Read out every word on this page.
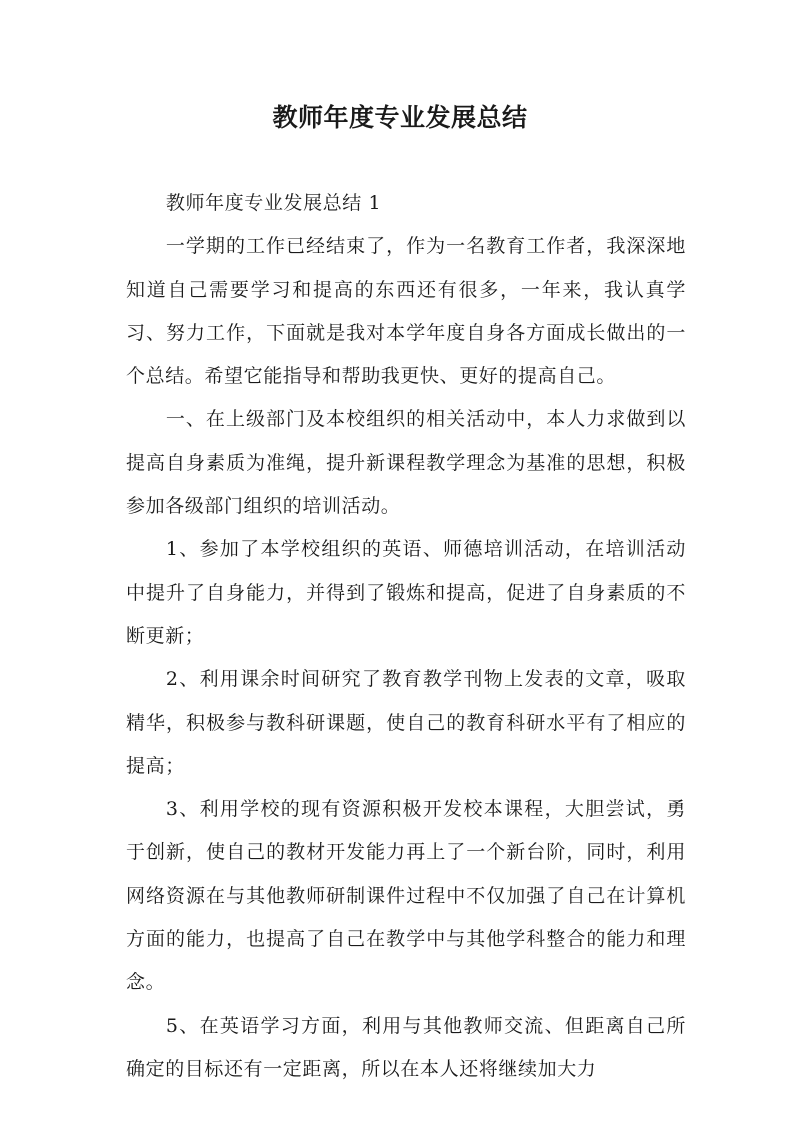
教师年度专业发展总结

教师年度专业发展总结 1

一学期的工作已经结束了，作为一名教育工作者，我深深地知道自己需要学习和提高的东西还有很多，一年来，我认真学习、努力工作，下面就是我对本学年度自身各方面成长做出的一个总结。希望它能指导和帮助我更快、更好的提高自己。

一、在上级部门及本校组织的相关活动中，本人力求做到以提高自身素质为准绳，提升新课程教学理念为基准的思想，积极参加各级部门组织的培训活动。

1、参加了本学校组织的英语、师德培训活动，在培训活动中提升了自身能力，并得到了锻炼和提高，促进了自身素质的不断更新；

2、利用课余时间研究了教育教学刊物上发表的文章，吸取精华，积极参与教科研课题，使自己的教育科研水平有了相应的提高；

3、利用学校的现有资源积极开发校本课程，大胆尝试，勇于创新，使自己的教材开发能力再上了一个新台阶，同时，利用网络资源在与其他教师研制课件过程中不仅加强了自己在计算机方面的能力，也提高了自己在教学中与其他学科整合的能力和理念。

5、在英语学习方面，利用与其他教师交流、但距离自己所确定的目标还有一定距离，所以在本人还将继续加大力
